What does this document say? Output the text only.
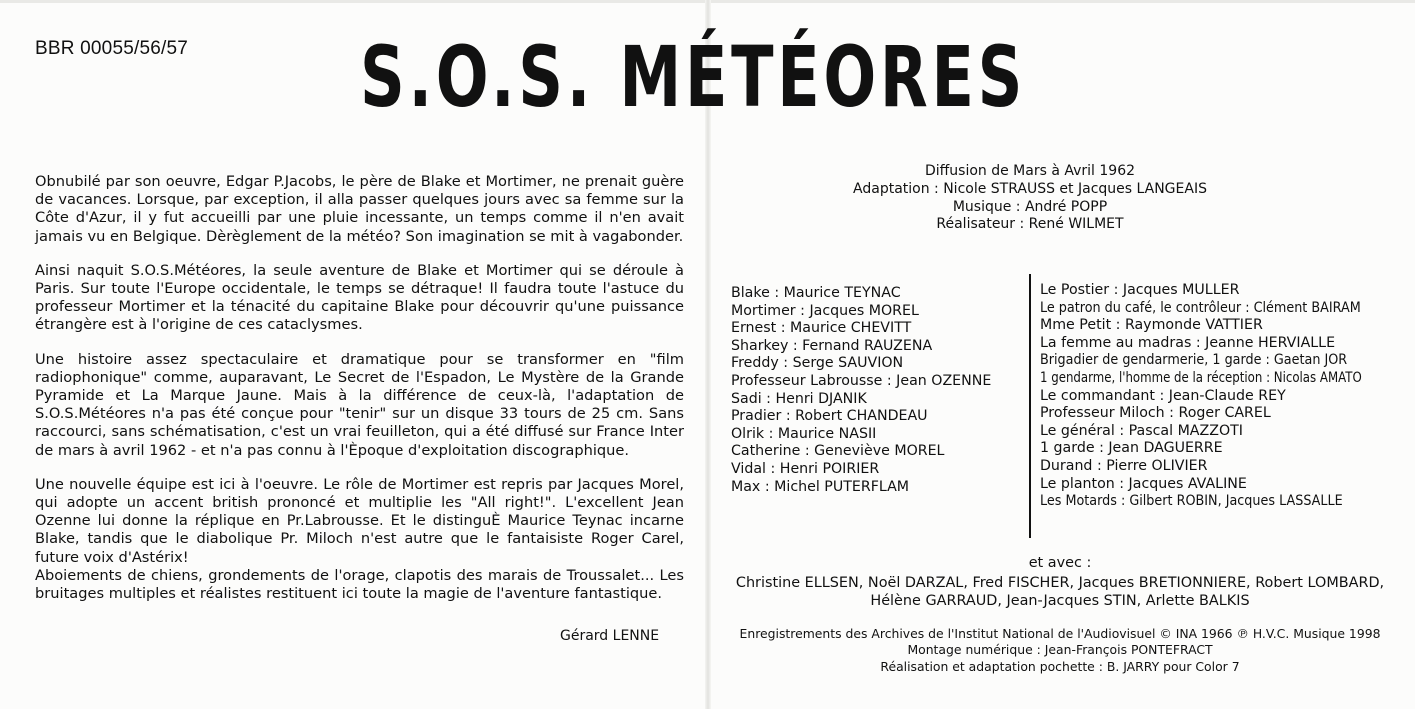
BBR 00055/56/57 S.O.S. MÉTÉORES

Obnubilé par son oeuvre, Edgar P.Jacobs, le père de Blake et Mortimer, ne prenait guère de vacances. Lorsque, par exception, il alla passer quelques jours avec sa femme sur la Côte d'Azur, il y fut accueilli par une pluie incessante, un temps comme il n'en avait jamais vu en Belgique. Dèrèglement de la météo? Son imagination se mit à vagabonder.

Ainsi naquit S.O.S.Météores, la seule aventure de Blake et Mortimer qui se déroule à Paris. Sur toute l'Europe occidentale, le temps se détraque! Il faudra toute l'astuce du professeur Mortimer et la ténacité du capitaine Blake pour découvrir qu'une puissance étrangère est à l'origine de ces cataclysmes.

Une histoire assez spectaculaire et dramatique pour se transformer en "film radiophonique" comme, auparavant, Le Secret de l'Espadon, Le Mystère de la Grande Pyramide et La Marque Jaune. Mais à la différence de ceux-là, l'adaptation de S.O.S.Météores n'a pas été conçue pour "tenir" sur un disque 33 tours de 25 cm. Sans raccourci, sans schématisation, c'est un vrai feuilleton, qui a été diffusé sur France Inter de mars à avril 1962 - et n'a pas connu à l'Èpoque d'exploitation discographique.

Une nouvelle équipe est ici à l'oeuvre. Le rôle de Mortimer est repris par Jacques Morel, qui adopte un accent british prononcé et multiplie les "All right!". L'excellent Jean Ozenne lui donne la réplique en Pr.Labrousse. Et le distinguÈ Maurice Teynac incarne Blake, tandis que le diabolique Pr. Miloch n'est autre que le fantaisiste Roger Carel, future voix d'Astérix!

Aboiements de chiens, grondements de l'orage, clapotis des marais de Troussalet... Les bruitages multiples et réalistes restituent ici toute la magie de l'aventure fantastique.

Gérard LENNE
Diffusion de Mars à Avril 1962
Adaptation : Nicole STRAUSS et Jacques LANGEAIS
Musique : André POPP
Réalisateur : René WILMET
Blake : Maurice TEYNAC
Mortimer : Jacques MOREL
Ernest : Maurice CHEVITT
Sharkey : Fernand RAUZENA
Freddy : Serge SAUVION
Professeur Labrousse : Jean OZENNE
Sadi : Henri DJANIK
Pradier : Robert CHANDEAU
Olrik : Maurice NASII
Catherine : Geneviève MOREL
Vidal : Henri POIRIER
Max : Michel PUTERFLAM
Le Postier : Jacques MULLER
Le patron du café, le contrôleur : Clément BAIRAM
Mme Petit : Raymonde VATTIER
La femme au madras : Jeanne HERVIALLE
Brigadier de gendarmerie, 1 garde : Gaetan JOR
1 gendarme, l'homme de la réception : Nicolas AMATO
Le commandant : Jean-Claude REY
Professeur Miloch : Roger CAREL
Le général : Pascal MAZZOTI
1 garde : Jean DAGUERRE
Durand : Pierre OLIVIER
Le planton : Jacques AVALINE
Les Motards : Gilbert ROBIN, Jacques LASSALLE
et avec :
Christine ELLSEN, Noël DARZAL, Fred FISCHER, Jacques BRETIONNIERE, Robert LOMBARD,
Hélène GARRAUD, Jean-Jacques STIN, Arlette BALKIS
Enregistrements des Archives de l'Institut National de l'Audiovisuel © INA 1966 ℗ H.V.C. Musique 1998
Montage numérique : Jean-François PONTEFRACT
Réalisation et adaptation pochette : B. JARRY pour Color 7
